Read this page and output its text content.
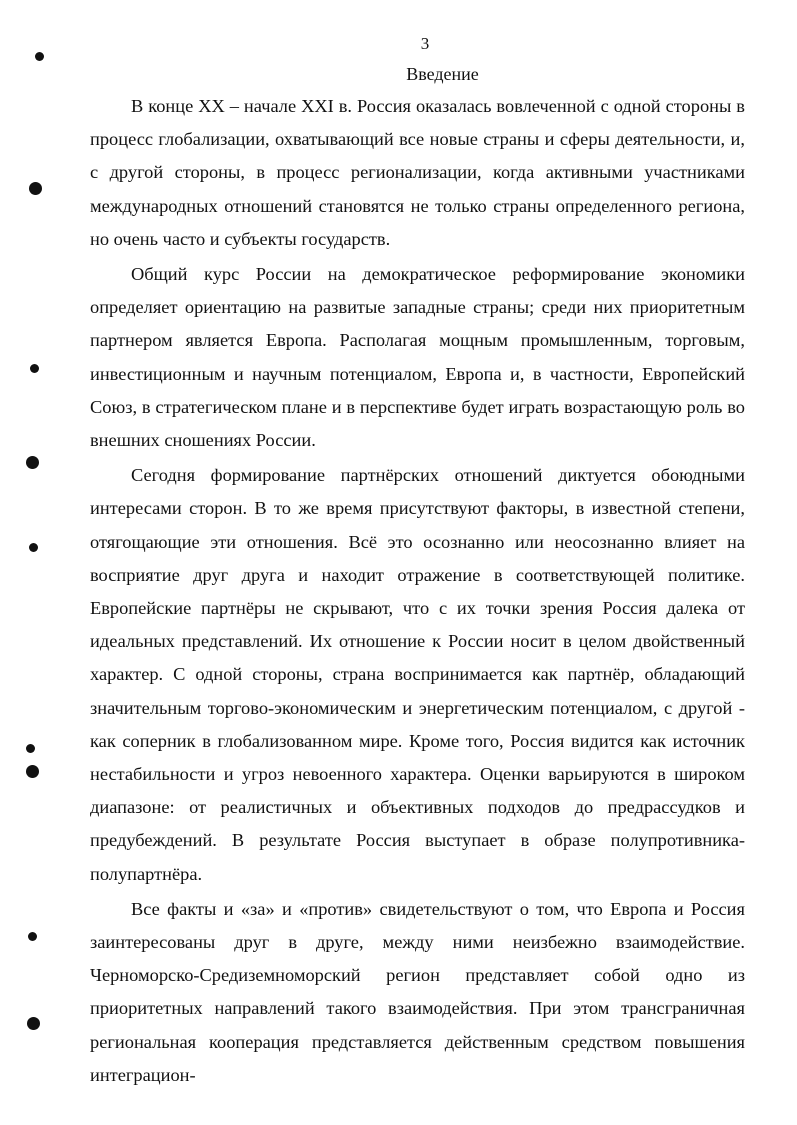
3
Введение

В конце XX – начале XXI в. Россия оказалась вовлеченной с одной стороны в процесс глобализации, охватывающий все новые страны и сферы деятельности, и, с другой стороны, в процесс регионализации, когда активными участниками международных отношений становятся не только страны определенного региона, но очень часто и субъекты государств.

Общий курс России на демократическое реформирование экономики определяет ориентацию на развитые западные страны; среди них приоритетным партнером является Европа. Располагая мощным промышленным, торговым, инвестиционным и научным потенциалом, Европа и, в частности, Европейский Союз, в стратегическом плане и в перспективе будет играть возрастающую роль во внешних сношениях России.

Сегодня формирование партнёрских отношений диктуется обоюдными интересами сторон. В то же время присутствуют факторы, в известной степени, отягощающие эти отношения. Всё это осознанно или неосознанно влияет на восприятие друг друга и находит отражение в соответствующей политике. Европейские партнёры не скрывают, что с их точки зрения Россия далека от идеальных представлений. Их отношение к России носит в целом двойственный характер. С одной стороны, страна воспринимается как партнёр, обладающий значительным торгово-экономическим и энергетическим потенциалом, с другой - как соперник в глобализованном мире. Кроме того, Россия видится как источник нестабильности и угроз невоенного характера. Оценки варьируются в широком диапазоне: от реалистичных и объективных подходов до предрассудков и предубеждений. В результате Россия выступает в образе полупротивника-полупартнёра.

Все факты и «за» и «против» свидетельствуют о том, что Европа и Россия заинтересованы друг в друге, между ними неизбежно взаимодействие. Черноморско-Средиземноморский регион представляет собой одно из приоритетных направлений такого взаимодействия. При этом трансграничная региональная кооперация представляется действенным средством повышения интеграцион-
